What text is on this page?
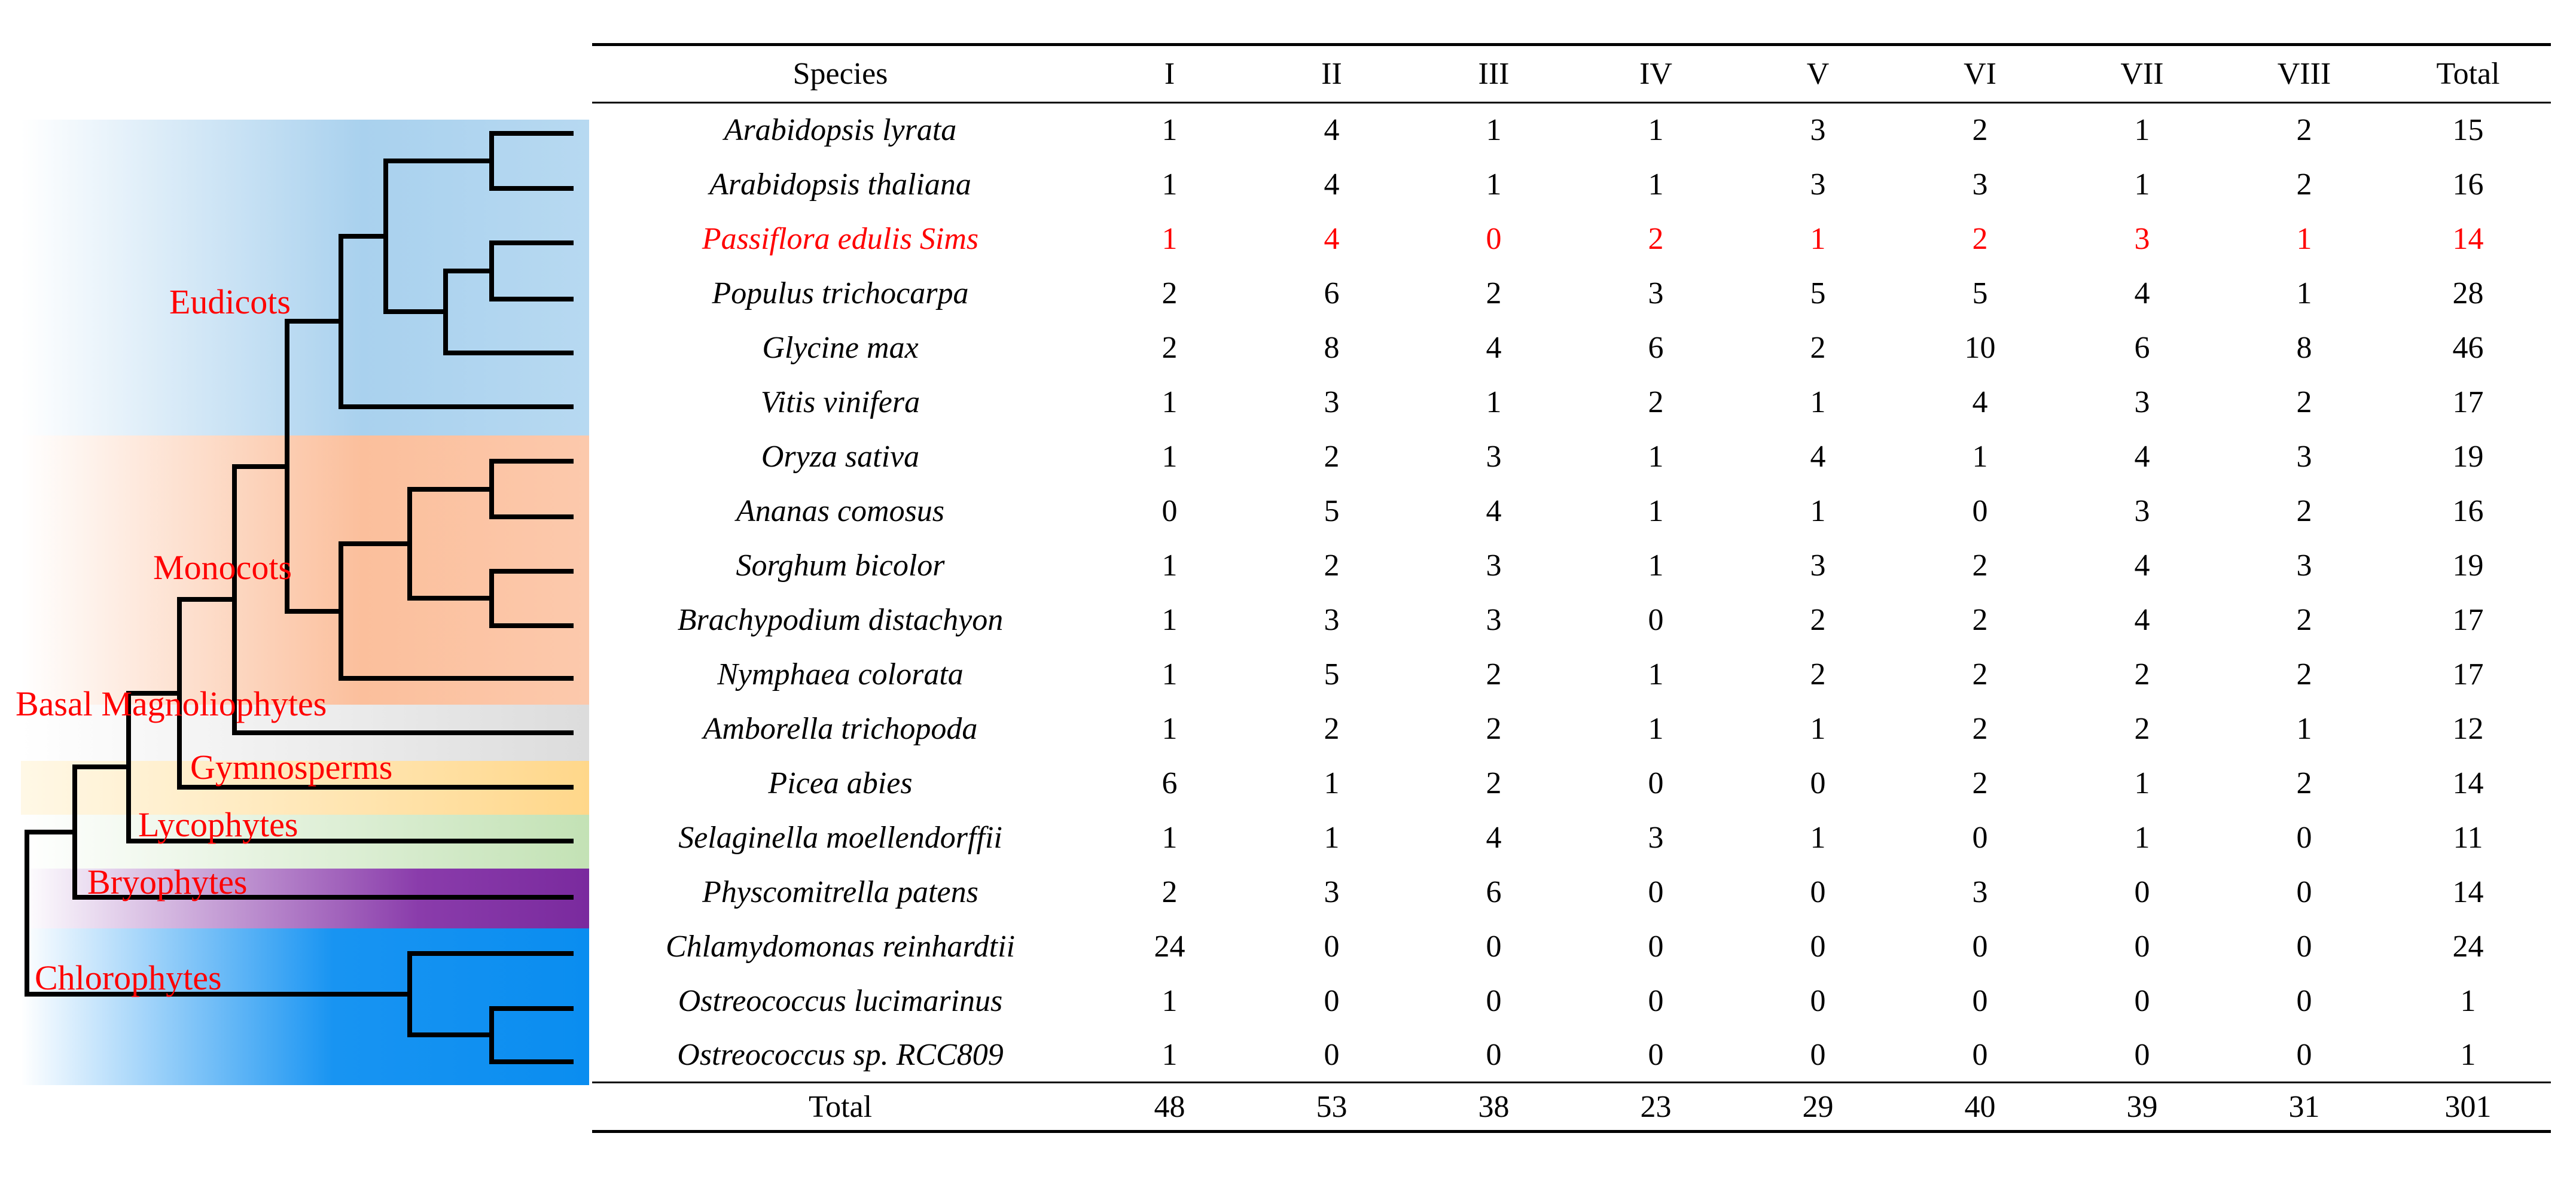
Eudicots
Monocots
Basal Magnoliophytes
Gymnosperms
Lycophytes
Bryophytes
Chlorophytes
Species	I	II	III	IV	V	VI	VII	VIII	Total
Arabidopsis lyrata	1	4	1	1	3	2	1	2	15
Arabidopsis thaliana	1	4	1	1	3	3	1	2	16
Passiflora edulis Sims	1	4	0	2	1	2	3	1	14
Populus trichocarpa	2	6	2	3	5	5	4	1	28
Glycine max	2	8	4	6	2	10	6	8	46
Vitis vinifera	1	3	1	2	1	4	3	2	17
Oryza sativa	1	2	3	1	4	1	4	3	19
Ananas comosus	0	5	4	1	1	0	3	2	16
Sorghum bicolor	1	2	3	1	3	2	4	3	19
Brachypodium distachyon	1	3	3	0	2	2	4	2	17
Nymphaea colorata	1	5	2	1	2	2	2	2	17
Amborella trichopoda	1	2	2	1	1	2	2	1	12
Picea abies	6	1	2	0	0	2	1	2	14
Selaginella moellendorffii	1	1	4	3	1	0	1	0	11
Physcomitrella patens	2	3	6	0	0	3	0	0	14
Chlamydomonas reinhardtii	24	0	0	0	0	0	0	0	24
Ostreococcus lucimarinus	1	0	0	0	0	0	0	0	1
Ostreococcus sp. RCC809	1	0	0	0	0	0	0	0	1
Total	48	53	38	23	29	40	39	31	301
